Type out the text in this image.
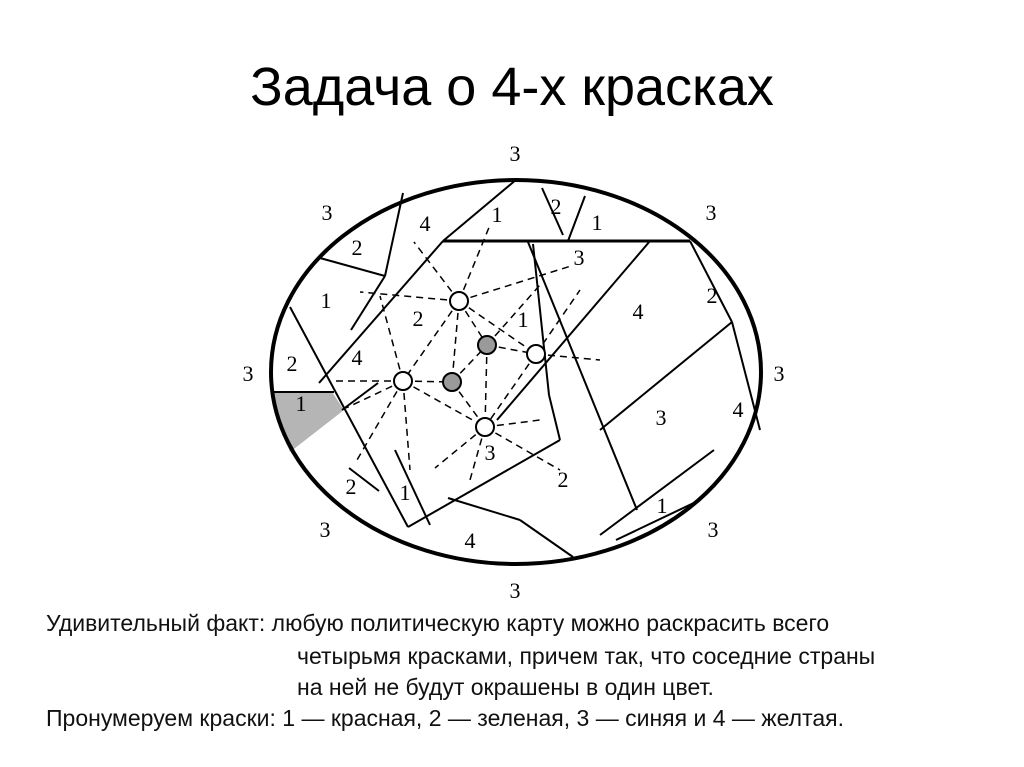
Задача о 4-х красках
3
3	3
3	3
3	3
3
4	1 2
1
2	3
1
2	4
1
4
2
3	4
2
1
2
3
1
4
2
1
Удивительный факт: любую политическую карту можно раскрасить всего
четырьмя красками, причем так, что соседние страны
на ней не будут окрашены в один цвет.
Пронумеруем краски: 1 — красная, 2 — зеленая, 3 — синяя и 4 — желтая.
